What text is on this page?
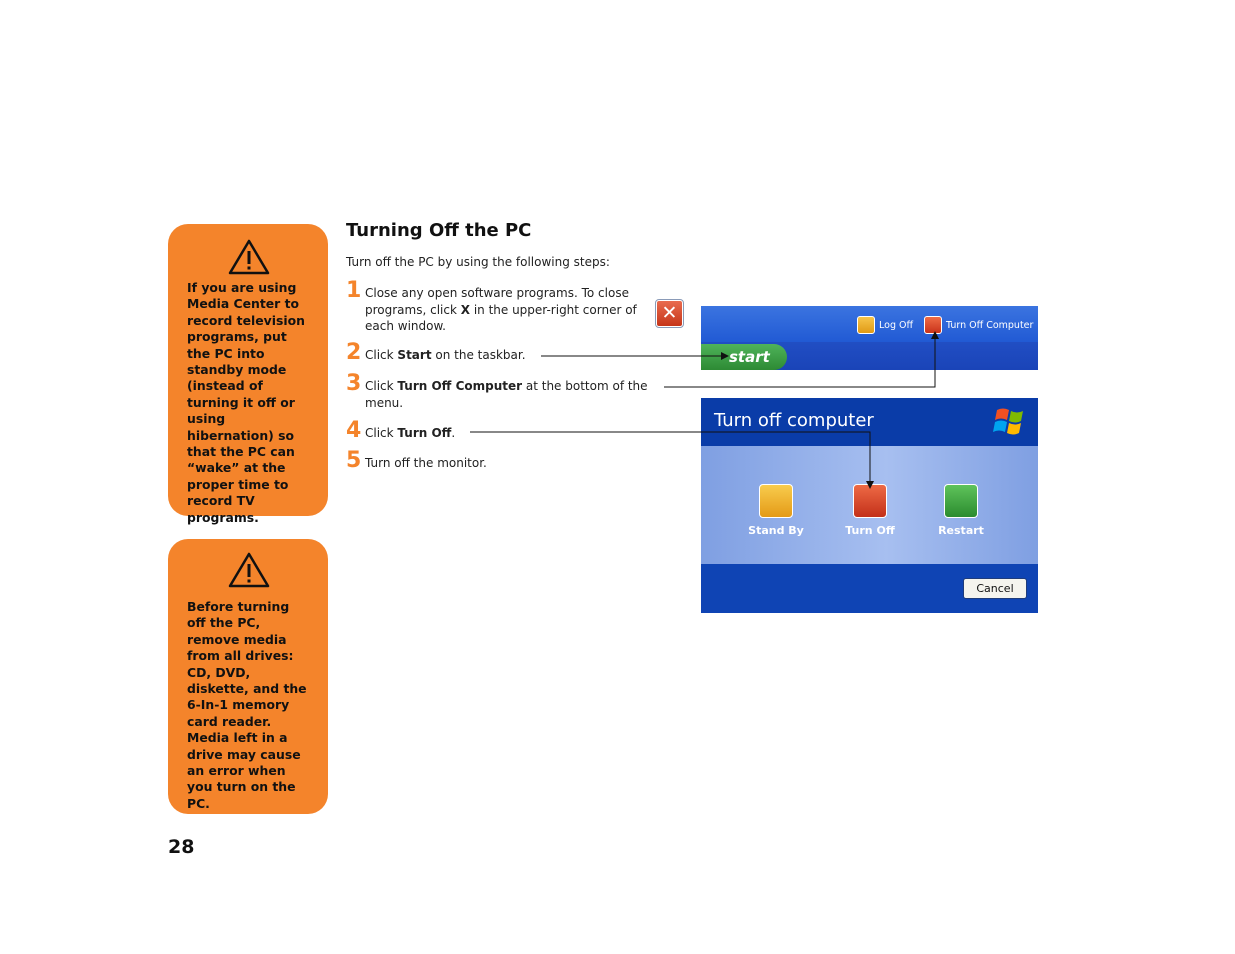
If you are using Media Center to record television programs, put the PC into standby mode (instead of turning it off or using hibernation) so that the PC can “wake” at the proper time to record TV programs.
Before turning off the PC, remove media from all drives: CD, DVD, diskette, and the 6-In-1 memory card reader. Media left in a drive may cause an error when you turn on the PC.
28
Turning Off the PC
Turn off the PC by using the following steps:
1 Close any open software programs. To close programs, click X in the upper-right corner of each window.
2 Click Start on the taskbar.
3 Click Turn Off Computer at the bottom of the menu.
4 Click Turn Off.
5 Turn off the monitor.
✕
Log Off	Turn Off Computer
start
Turn off computer
Stand By	Turn Off	Restart
Cancel
